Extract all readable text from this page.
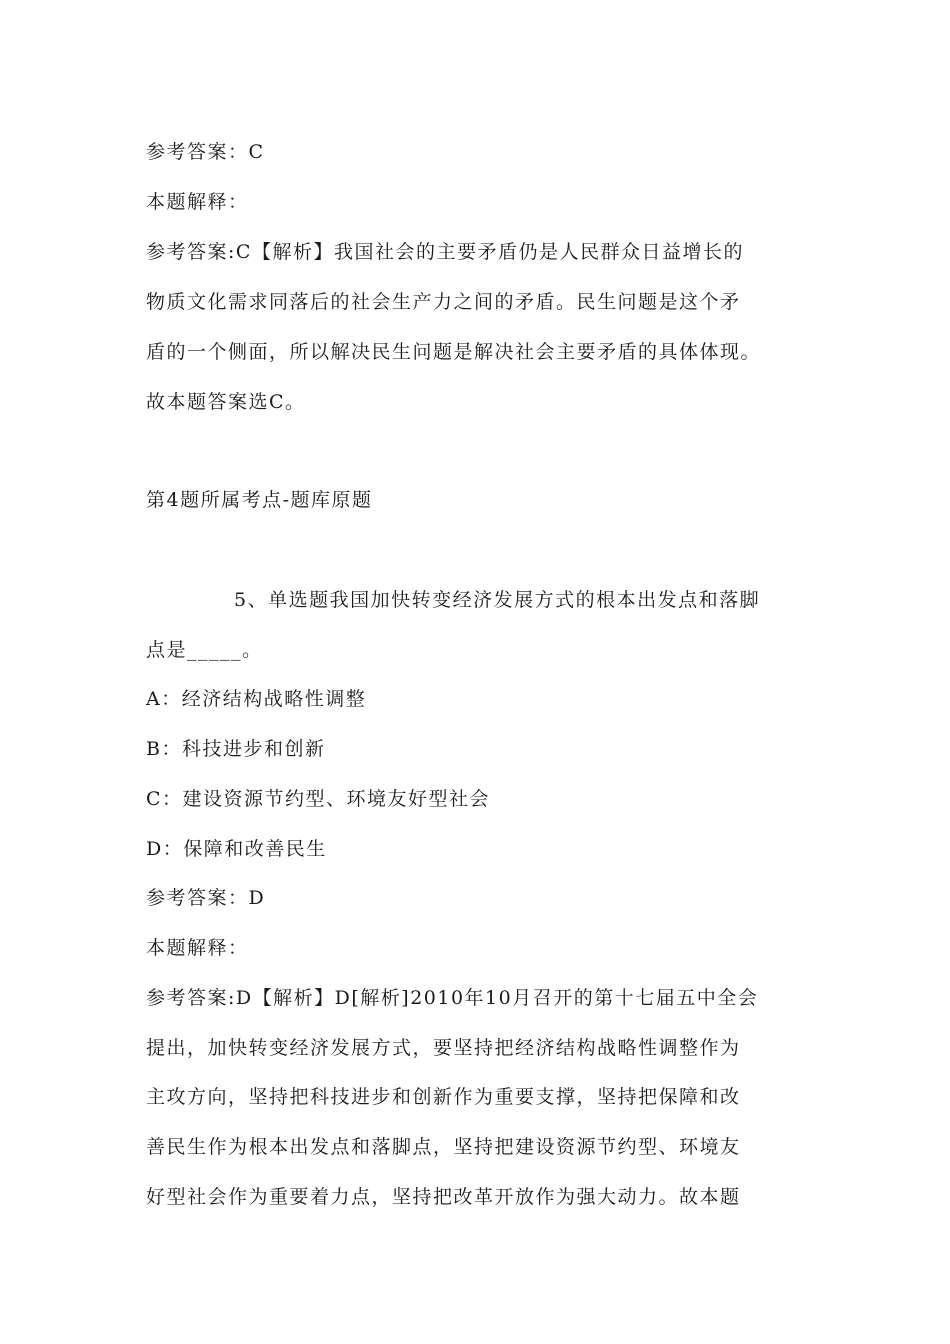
参考答案：C
本题解释：
参考答案:C【解析】我国社会的主要矛盾仍是人民群众日益增长的
物质文化需求同落后的社会生产力之间的矛盾。民生问题是这个矛
盾的一个侧面，所以解决民生问题是解决社会主要矛盾的具体体现。
故本题答案选C。
第4题所属考点-题库原题
5、单选题我国加快转变经济发展方式的根本出发点和落脚
点是_____。
A：经济结构战略性调整
B：科技进步和创新
C：建设资源节约型、环境友好型社会
D：保障和改善民生
参考答案：D
本题解释：
参考答案:D【解析】D[解析]2010年10月召开的第十七届五中全会
提出，加快转变经济发展方式，要坚持把经济结构战略性调整作为
主攻方向，坚持把科技进步和创新作为重要支撑，坚持把保障和改
善民生作为根本出发点和落脚点，坚持把建设资源节约型、环境友
好型社会作为重要着力点，坚持把改革开放作为强大动力。故本题
